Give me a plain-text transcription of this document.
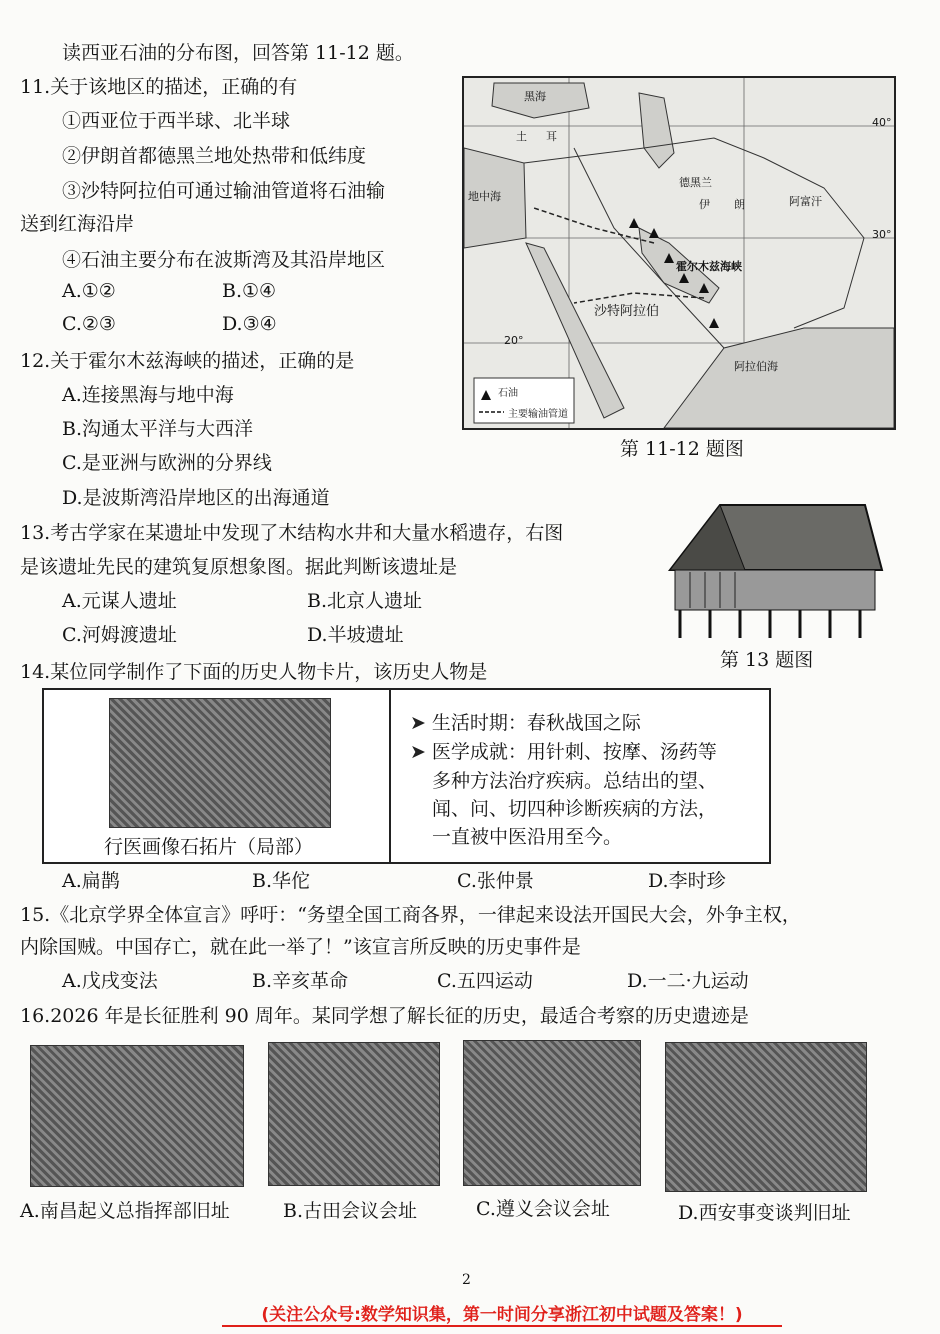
读西亚石油的分布图，回答第 11-12 题。
11.关于该地区的描述，正确的有
①西亚位于西半球、北半球
②伊朗首都德黑兰地处热带和低纬度
③沙特阿拉伯可通过输油管道将石油输
送到红海沿岸
④石油主要分布在波斯湾及其沿岸地区
A.①②	B.①④
C.②③	D.③④
黑海
土 耳
地中海
德黑兰
伊 朗	阿富汗
霍尔木兹海峡
沙特阿拉伯
阿拉伯海
40°
30°
20°
石油
主要输油管道
第 11-12 题图
12.关于霍尔木兹海峡的描述，正确的是
A.连接黑海与地中海
B.沟通太平洋与大西洋
C.是亚洲与欧洲的分界线
D.是波斯湾沿岸地区的出海通道
13.考古学家在某遗址中发现了木结构水井和大量水稻遗存，右图
是该遗址先民的建筑复原想象图。据此判断该遗址是
A.元谋人遗址	B.北京人遗址
C.河姆渡遗址	D.半坡遗址
第 13 题图
14.某位同学制作了下面的历史人物卡片，该历史人物是
行医画像石拓片（局部）
➤ 生活时期：春秋战国之际
➤ 医学成就：用针刺、按摩、汤药等
多种方法治疗疾病。总结出的望、
闻、问、切四种诊断疾病的方法，
一直被中医沿用至今。
A.扁鹊	B.华佗	C.张仲景	D.李时珍
15.《北京学界全体宣言》呼吁：“务望全国工商各界，一律起来设法开国民大会，外争主权，
内除国贼。中国存亡，就在此一举了！”该宣言所反映的历史事件是
A.戊戌变法	B.辛亥革命	C.五四运动	D.一二·九运动
16.2026 年是长征胜利 90 周年。某同学想了解长征的历史，最适合考察的历史遗迹是
A.南昌起义总指挥部旧址	B.古田会议会址	C.遵义会议会址	D.西安事变谈判旧址
2
(关注公众号:数学知识集，第一时间分享浙江初中试题及答案！)
